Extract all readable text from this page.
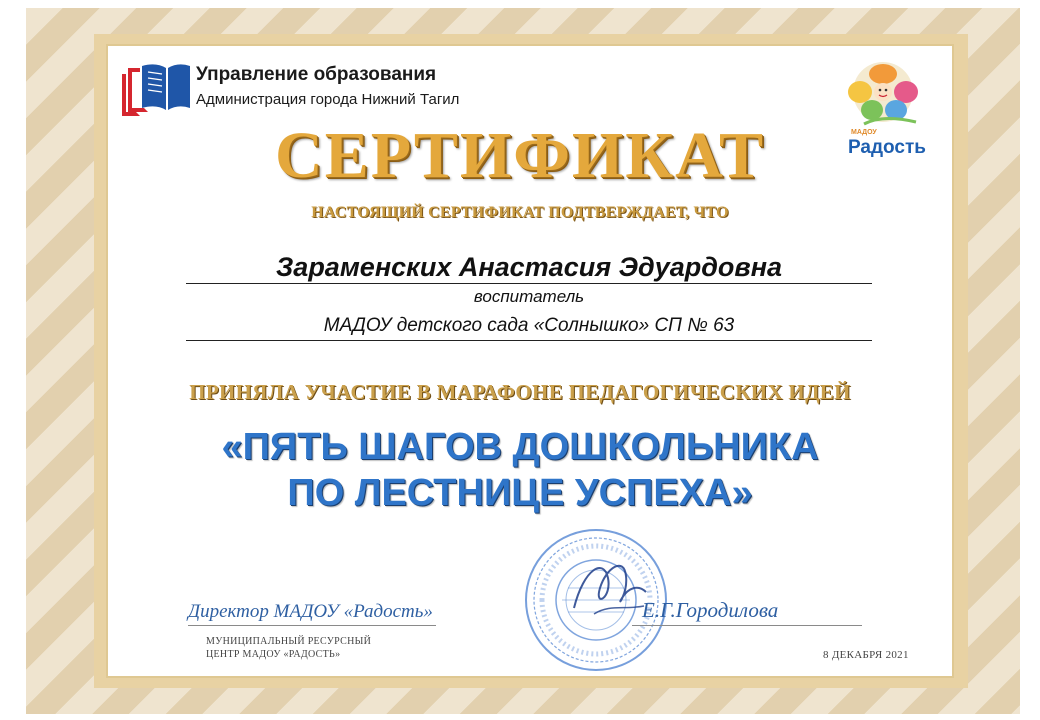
Управление образования
Администрация города Нижний Тагил
МАДОУ
Радость
СЕРТИФИКАТ
НАСТОЯЩИЙ СЕРТИФИКАТ ПОДТВЕРЖДАЕТ, ЧТО
Зараменских Анастасия Эдуардовна
воспитатель
МАДОУ детского сада «Солнышко» СП № 63
ПРИНЯЛА УЧАСТИЕ В МАРАФОНЕ ПЕДАГОГИЧЕСКИХ ИДЕЙ
«ПЯТЬ ШАГОВ ДОШКОЛЬНИКА
ПО ЛЕСТНИЦЕ УСПЕХА»
Директор МАДОУ «Радость»	Е.Г.Городилова
МУНИЦИПАЛЬНЫЙ РЕСУРСНЫЙ
ЦЕНТР МАДОУ «РАДОСТЬ»	8 ДЕКАБРЯ 2021
